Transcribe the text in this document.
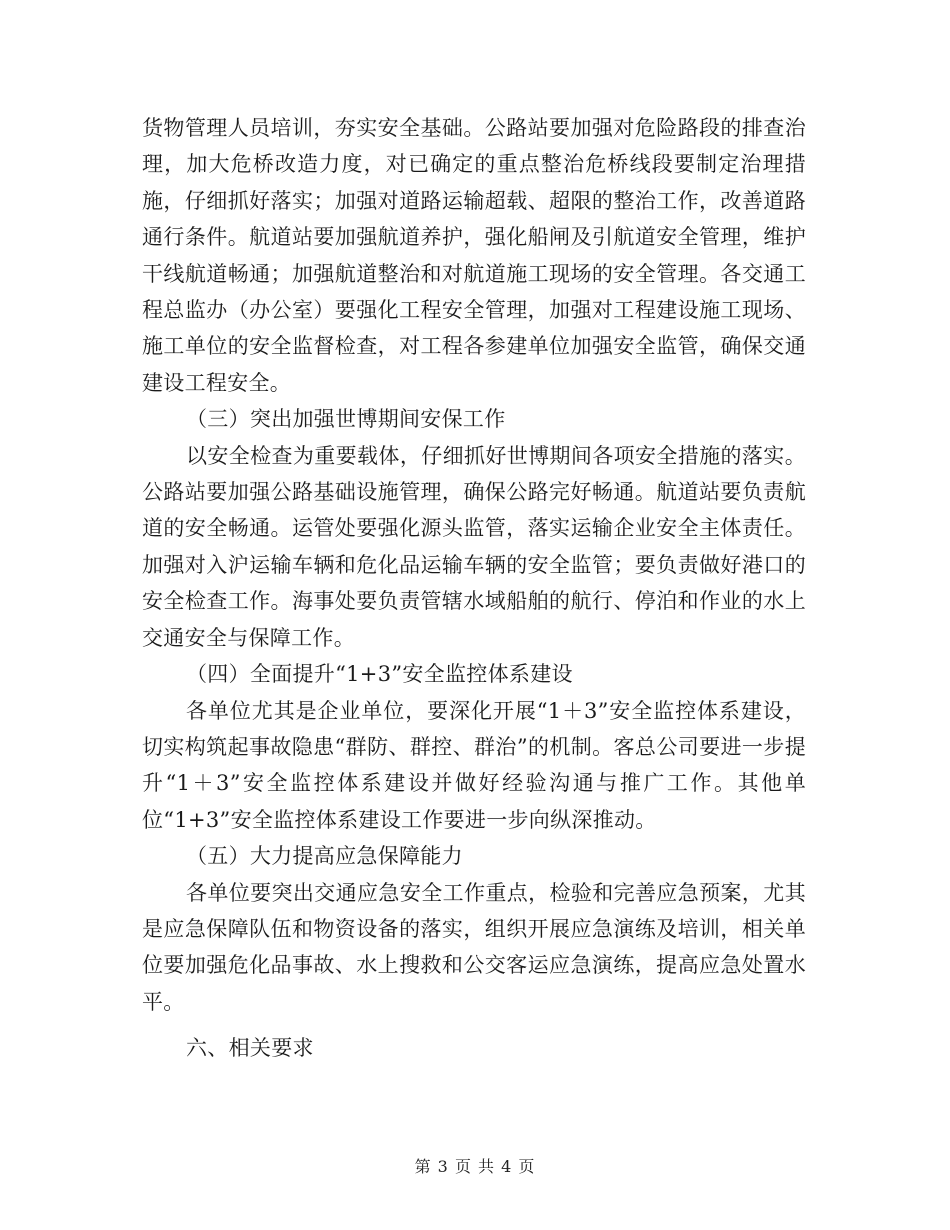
货物管理人员培训，夯实安全基础。公路站要加强对危险路段的排查治理，加大危桥改造力度，对已确定的重点整治危桥线段要制定治理措施，仔细抓好落实；加强对道路运输超载、超限的整治工作，改善道路通行条件。航道站要加强航道养护，强化船闸及引航道安全管理，维护干线航道畅通；加强航道整治和对航道施工现场的安全管理。各交通工程总监办（办公室）要强化工程安全管理，加强对工程建设施工现场、施工单位的安全监督检查，对工程各参建单位加强安全监管，确保交通建设工程安全。

（三）突出加强世博期间安保工作

以安全检查为重要载体，仔细抓好世博期间各项安全措施的落实。公路站要加强公路基础设施管理，确保公路完好畅通。航道站要负责航道的安全畅通。运管处要强化源头监管，落实运输企业安全主体责任。加强对入沪运输车辆和危化品运输车辆的安全监管；要负责做好港口的安全检查工作。海事处要负责管辖水域船舶的航行、停泊和作业的水上交通安全与保障工作。

（四）全面提升“1+3”安全监控体系建设

各单位尤其是企业单位，要深化开展“1＋3”安全监控体系建设，切实构筑起事故隐患“群防、群控、群治”的机制。客总公司要进一步提升“1＋3”安全监控体系建设并做好经验沟通与推广工作。其他单位“1+3”安全监控体系建设工作要进一步向纵深推动。

（五）大力提高应急保障能力

各单位要突出交通应急安全工作重点，检验和完善应急预案，尤其是应急保障队伍和物资设备的落实，组织开展应急演练及培训，相关单位要加强危化品事故、水上搜救和公交客运应急演练，提高应急处置水平。

六、相关要求

第 3 页 共 4 页
